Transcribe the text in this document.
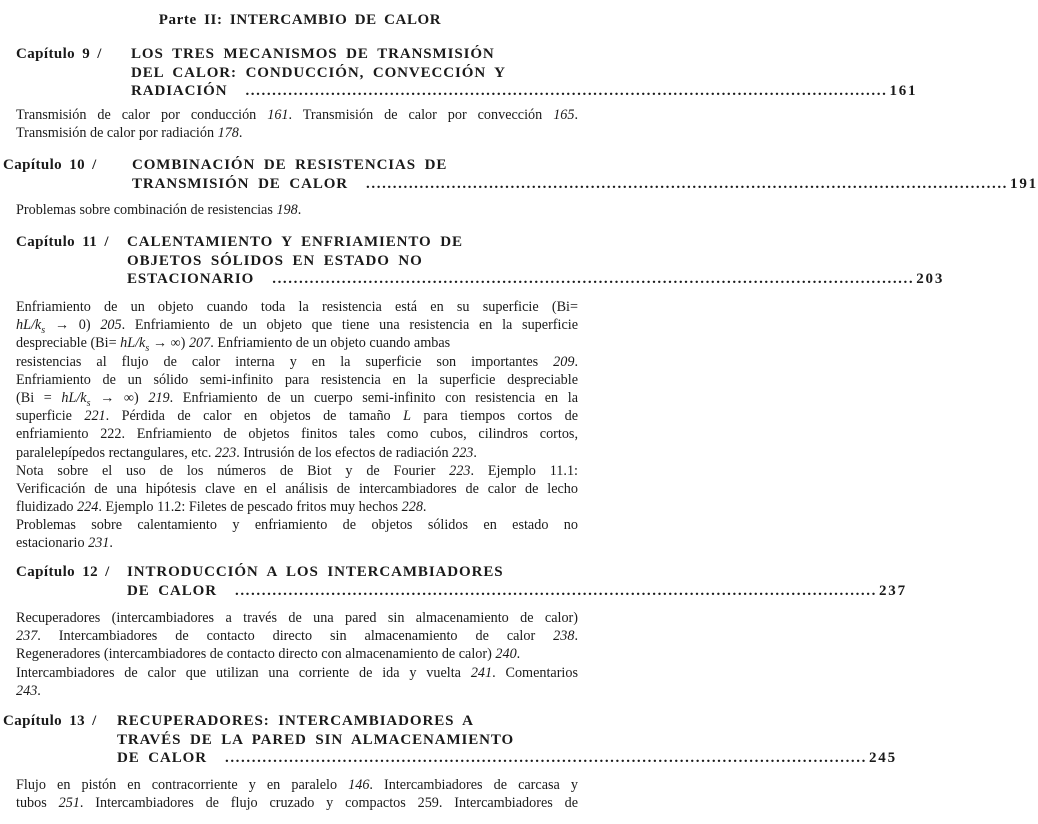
Parte II: INTERCAMBIO DE CALOR
Capítulo 9 / LOS TRES MECANISMOS DE TRANSMISIÓN
DEL CALOR: CONDUCCIÓN, CONVECCIÓN Y
RADIACIÓN ........................................................................................................................ 161
Transmisión de calor por conducción 161. Transmisión de calor por convección 165.
Transmisión de calor por radiación 178.
Capítulo 10 / COMBINACIÓN DE RESISTENCIAS DE
TRANSMISIÓN DE CALOR ........................................................................................................................ 191
Problemas sobre combinación de resistencias 198.
Capítulo 11 / CALENTAMIENTO Y ENFRIAMIENTO DE
OBJETOS SÓLIDOS EN ESTADO NO
ESTACIONARIO ........................................................................................................................ 203
Enfriamiento de un objeto cuando toda la resistencia está en su superficie (Bi=
$hL/k_s \to 0$) 205. Enfriamiento de un objeto que tiene una resistencia en la superficie
despreciable ($Bi= hL/k_s$ → ∞) 207. Enfriamiento de un objeto cuando ambas
resistencias al flujo de calor interna y en la superficie son importantes 209.
Enfriamiento de un sólido semi-infinito para resistencia en la superficie despreciable
($Bi = hL/k_s$ → ∞) 219. Enfriamiento de un cuerpo semi-infinito con resistencia en la
superficie 221. Pérdida de calor en objetos de tamaño L para tiempos cortos de
enfriamiento 222. Enfriamiento de objetos finitos tales como cubos, cilindros cortos,
paralelepípedos rectangulares, etc. 223. Intrusión de los efectos de radiación 223.
Nota sobre el uso de los números de Biot y de Fourier 223. Ejemplo 11.1:
Verificación de una hipótesis clave en el análisis de intercambiadores de calor de lecho
fluidizado 224. Ejemplo 11.2: Filetes de pescado fritos muy hechos 228.
Problemas sobre calentamiento y enfriamiento de objetos sólidos en estado no
estacionario 231.
Capítulo 12 / INTRODUCCIÓN A LOS INTERCAMBIADORES
DE CALOR ........................................................................................................................ 237
Recuperadores (intercambiadores a través de una pared sin almacenamiento de calor)
237. Intercambiadores de contacto directo sin almacenamiento de calor 238.
Regeneradores (intercambiadores de contacto directo con almacenamiento de calor) 240.
Intercambiadores de calor que utilizan una corriente de ida y vuelta 241. Comentarios
243.
Capítulo 13 / RECUPERADORES: INTERCAMBIADORES A
TRAVÉS DE LA PARED SIN ALMACENAMIENTO
DE CALOR ........................................................................................................................ 245
Flujo en pistón en contracorriente y en paralelo 146. Intercambiadores de carcasa y
tubos 251. Intercambiadores de flujo cruzado y compactos 259. Intercambiadores de
